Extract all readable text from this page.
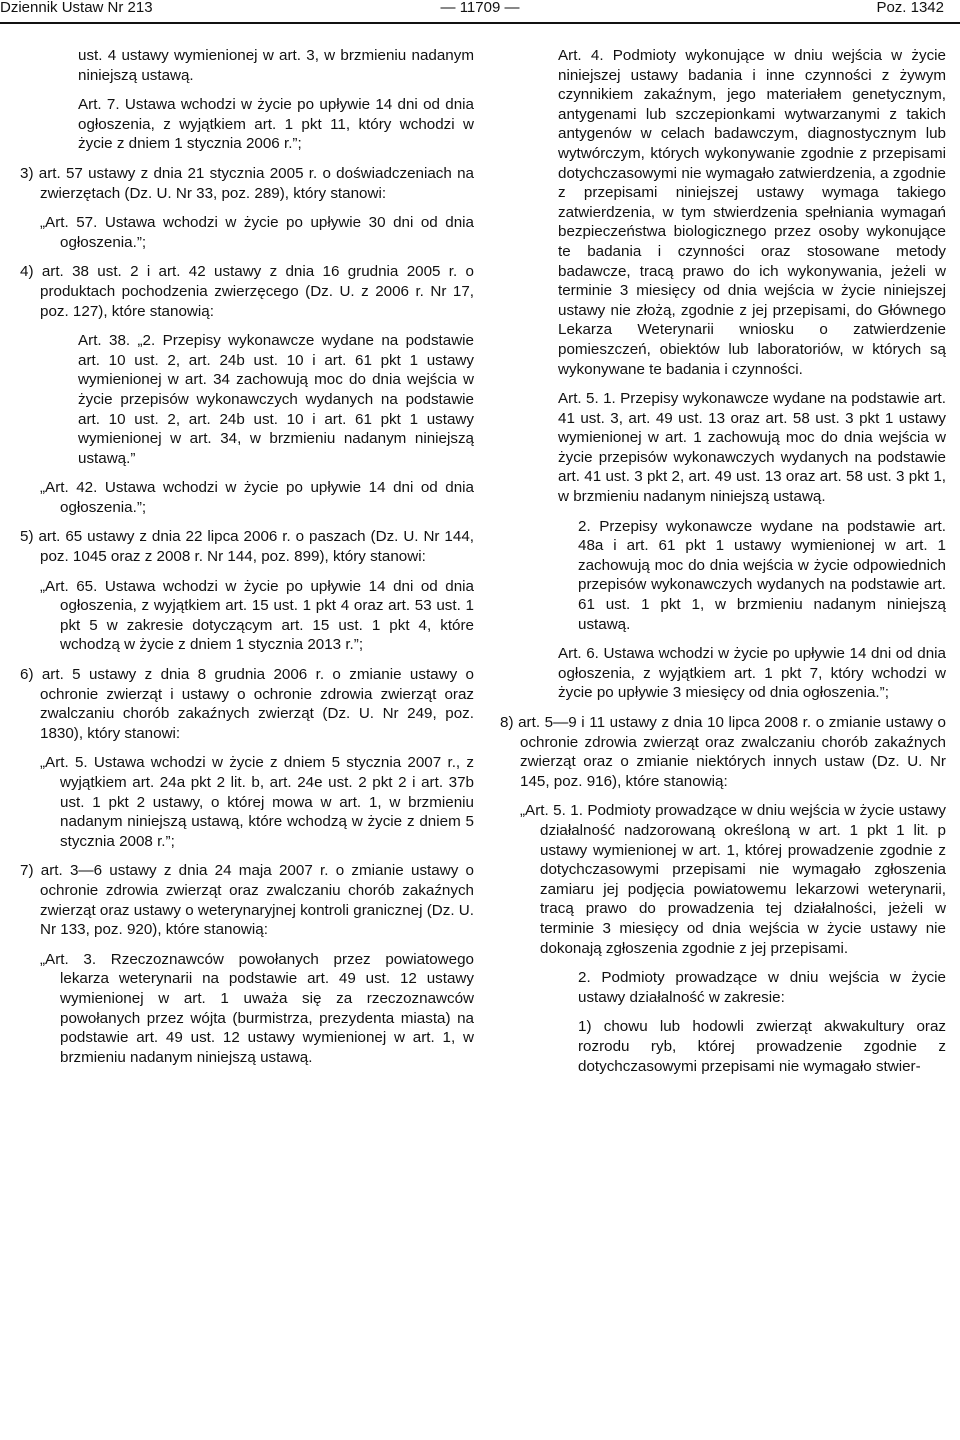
Dziennik Ustaw Nr 213	— 11709 —	Poz. 1342

ust. 4 ustawy wymienionej w art. 3, w brzmieniu nadanym niniejszą ustawą.

Art. 7. Ustawa wchodzi w życie po upływie 14 dni od dnia ogłoszenia, z wyjątkiem art. 1 pkt 11, który wchodzi w życie z dniem 1 stycznia 2006 r.”;

3) art. 57 ustawy z dnia 21 stycznia 2005 r. o doświadczeniach na zwierzętach (Dz. U. Nr 33, poz. 289), który stanowi:

„Art. 57. Ustawa wchodzi w życie po upływie 30 dni od dnia ogłoszenia.”;

4) art. 38 ust. 2 i art. 42 ustawy z dnia 16 grudnia 2005 r. o produktach pochodzenia zwierzęcego (Dz. U. z 2006 r. Nr 17, poz. 127), które stanowią:

Art. 38. „2. Przepisy wykonawcze wydane na podstawie art. 10 ust. 2, art. 24b ust. 10 i art. 61 pkt 1 ustawy wymienionej w art. 34 zachowują moc do dnia wejścia w życie przepisów wykonawczych wydanych na podstawie art. 10 ust. 2, art. 24b ust. 10 i art. 61 pkt 1 ustawy wymienionej w art. 34, w brzmieniu nadanym niniejszą ustawą.”

„Art. 42. Ustawa wchodzi w życie po upływie 14 dni od dnia ogłoszenia.”;

5) art. 65 ustawy z dnia 22 lipca 2006 r. o paszach (Dz. U. Nr 144, poz. 1045 oraz z 2008 r. Nr 144, poz. 899), który stanowi:

„Art. 65. Ustawa wchodzi w życie po upływie 14 dni od dnia ogłoszenia, z wyjątkiem art. 15 ust. 1 pkt 4 oraz art. 53 ust. 1 pkt 5 w zakresie dotyczącym art. 15 ust. 1 pkt 4, które wchodzą w życie z dniem 1 stycznia 2013 r.”;

6) art. 5 ustawy z dnia 8 grudnia 2006 r. o zmianie ustawy o ochronie zwierząt i ustawy o ochronie zdrowia zwierząt oraz zwalczaniu chorób zakaźnych zwierząt (Dz. U. Nr 249, poz. 1830), który stanowi:

„Art. 5. Ustawa wchodzi w życie z dniem 5 stycznia 2007 r., z wyjątkiem art. 24a pkt 2 lit. b, art. 24e ust. 2 pkt 2 i art. 37b ust. 1 pkt 2 ustawy, o której mowa w art. 1, w brzmieniu nadanym niniejszą ustawą, które wchodzą w życie z dniem 5 stycznia 2008 r.”;

7) art. 3—6 ustawy z dnia 24 maja 2007 r. o zmianie ustawy o ochronie zdrowia zwierząt oraz zwalczaniu chorób zakaźnych zwierząt oraz ustawy o weterynaryjnej kontroli granicznej (Dz. U. Nr 133, poz. 920), które stanowią:

„Art. 3. Rzeczoznawców powołanych przez powiatowego lekarza weterynarii na podstawie art. 49 ust. 12 ustawy wymienionej w art. 1 uważa się za rzeczoznawców powołanych przez wójta (burmistrza, prezydenta miasta) na podstawie art. 49 ust. 12 ustawy wymienionej w art. 1, w brzmieniu nadanym niniejszą ustawą.

Art. 4. Podmioty wykonujące w dniu wejścia w życie niniejszej ustawy badania i inne czynności z żywym czynnikiem zakaźnym, jego materiałem genetycznym, antygenami lub szczepionkami wytwarzanymi z takich antygenów w celach badawczym, diagnostycznym lub wytwórczym, których wykonywanie zgodnie z przepisami dotychczasowymi nie wymagało zatwierdzenia, a zgodnie z przepisami niniejszej ustawy wymaga takiego zatwierdzenia, w tym stwierdzenia spełniania wymagań bezpieczeństwa biologicznego przez osoby wykonujące te badania i czynności oraz stosowane metody badawcze, tracą prawo do ich wykonywania, jeżeli w terminie 3 miesięcy od dnia wejścia w życie niniejszej ustawy nie złożą, zgodnie z jej przepisami, do Głównego Lekarza Weterynarii wniosku o zatwierdzenie pomieszczeń, obiektów lub laboratoriów, w których są wykonywane te badania i czynności.

Art. 5. 1. Przepisy wykonawcze wydane na podstawie art. 41 ust. 3, art. 49 ust. 13 oraz art. 58 ust. 3 pkt 1 ustawy wymienionej w art. 1 zachowują moc do dnia wejścia w życie przepisów wykonawczych wydanych na podstawie art. 41 ust. 3 pkt 2, art. 49 ust. 13 oraz art. 58 ust. 3 pkt 1, w brzmieniu nadanym niniejszą ustawą.

2. Przepisy wykonawcze wydane na podstawie art. 48a i art. 61 pkt 1 ustawy wymienionej w art. 1 zachowują moc do dnia wejścia w życie odpowiednich przepisów wykonawczych wydanych na podstawie art. 61 ust. 1 pkt 1, w brzmieniu nadanym niniejszą ustawą.

Art. 6. Ustawa wchodzi w życie po upływie 14 dni od dnia ogłoszenia, z wyjątkiem art. 1 pkt 7, który wchodzi w życie po upływie 3 miesięcy od dnia ogłoszenia.”;

8) art. 5—9 i 11 ustawy z dnia 10 lipca 2008 r. o zmianie ustawy o ochronie zdrowia zwierząt oraz zwalczaniu chorób zakaźnych zwierząt oraz o zmianie niektórych innych ustaw (Dz. U. Nr 145, poz. 916), które stanowią:

„Art. 5. 1. Podmioty prowadzące w dniu wejścia w życie ustawy działalność nadzorowaną określoną w art. 1 pkt 1 lit. p ustawy wymienionej w art. 1, której prowadzenie zgodnie z dotychczasowymi przepisami nie wymagało zgłoszenia zamiaru jej podjęcia powiatowemu lekarzowi weterynarii, tracą prawo do prowadzenia tej działalności, jeżeli w terminie 3 miesięcy od dnia wejścia w życie ustawy nie dokonają zgłoszenia zgodnie z jej przepisami.

2. Podmioty prowadzące w dniu wejścia w życie ustawy działalność w zakresie:

1) chowu lub hodowli zwierząt akwakultury oraz rozrodu ryb, której prowadzenie zgodnie z dotychczasowymi przepisami nie wymagało stwier-
